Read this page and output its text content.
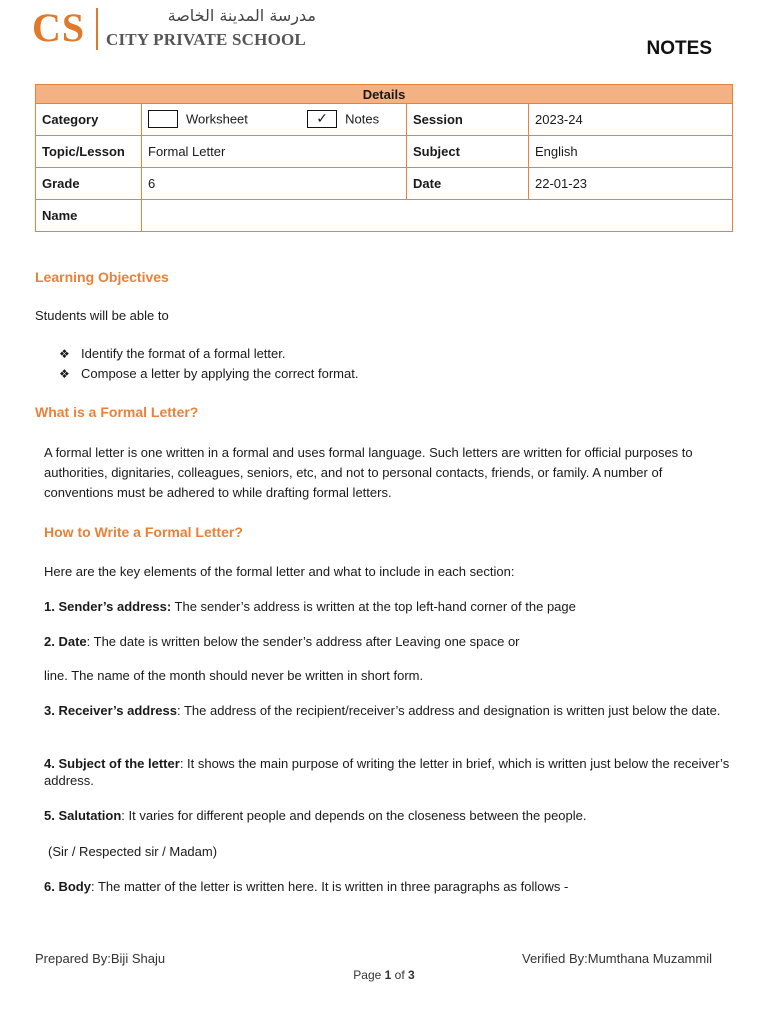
CS	مدرسة المدينة الخاصة
CITY PRIVATE SCHOOL	NOTES
Details			
Category	Worksheet ✓ Notes	Session	2023-24
Topic/Lesson	Formal Letter	Subject	English
Grade	6	Date	22-01-23
Name			
Learning Objectives
Students will be able to
❖ Identify the format of a formal letter.
❖ Compose a letter by applying the correct format.
What is a Formal Letter?
A formal letter is one written in a formal and uses formal language. Such letters are written for official purposes to authorities, dignitaries, colleagues, seniors, etc, and not to personal contacts, friends, or family. A number of conventions must be adhered to while drafting formal letters.
How to Write a Formal Letter?
Here are the key elements of the formal letter and what to include in each section:
1. Sender’s address: The sender’s address is written at the top left-hand corner of the page
2. Date: The date is written below the sender’s address after Leaving one space or
line. The name of the month should never be written in short form.
3. Receiver’s address: The address of the recipient/receiver’s address and designation is written just below the date.
4. Subject of the letter: It shows the main purpose of writing the letter in brief, which is written just below the receiver’s address.
5. Salutation: It varies for different people and depends on the closeness between the people.
(Sir / Respected sir / Madam)
6. Body: The matter of the letter is written here. It is written in three paragraphs as follows -
Prepared By:Biji Shaju	Verified By:Mumthana Muzammil
Page 1 of 3
